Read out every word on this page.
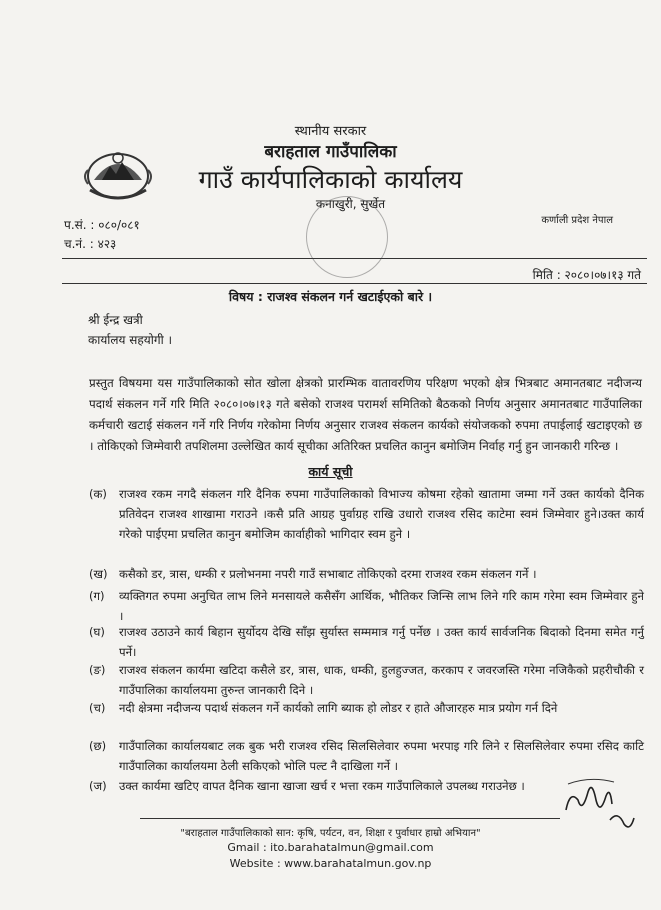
स्थानीय सरकार
बराहताल गाउँपालिका
गाउँ कार्यपालिकाको कार्यालय
कनाखुरी, सुर्खेत
कर्णाली प्रदेश नेपाल
प.सं. : ०८०/०८१
च.नं. : ४२३
मिति : २०८०।०७।१३ गते
विषय : राजश्व संकलन गर्न खटाईएको बारे ।
श्री ईन्द्र खत्री
कार्यालय सहयोगी ।
प्रस्तुत विषयमा यस गाउँपालिकाको सोत खोला क्षेत्रको प्रारम्भिक वातावरणिय परिक्षण भएको क्षेत्र भित्रबाट अमानतबाट नदीजन्य पदार्थ संकलन गर्ने गरि मिति २०८०।०७।१३ गते बसेको राजश्व परामर्श समितिको बैठकको निर्णय अनुसार अमानतबाट गाउँपालिका कर्मचारी खटाई संकलन गर्ने गरि निर्णय गरेकोमा निर्णय अनुसार राजश्व संकलन कार्यको संयोजकको रुपमा तपाईलाई खटाइएको छ । तोकिएको जिम्मेवारी तपशिलमा उल्लेखित कार्य सूचीका अतिरिक्त प्रचलित कानुन बमोजिम निर्वाह गर्नु हुन जानकारी गरिन्छ ।
कार्य सूची
(क)	राजश्व रकम नगदै संकलन गरि दैनिक रुपमा गाउँपालिकाको विभाज्य कोषमा रहेको खातामा जम्मा गर्ने उक्त कार्यको दैनिक प्रतिवेदन राजश्व शाखामा गराउने ।कसै प्रति आग्रह पुर्वाग्रह राखि उधारो राजश्व रसिद काटेमा स्वमं जिम्मेवार हुने।उक्त कार्य गरेको पाईएमा प्रचलित कानुन बमोजिम कार्वाहीको भागिदार स्वम हुने ।
(ख) कसैको डर, त्रास, धम्की र प्रलोभनमा नपरी गाउँ सभाबाट तोकिएको दरमा राजश्व रकम संकलन गर्ने ।
(ग)	व्यक्तिगत रुपमा अनुचित लाभ लिने मनसायले कसैसँग आर्थिक, भौतिकर जिन्सि लाभ लिने गरि काम गरेमा स्वम जिम्मेवार हुने ।
(घ)	राजश्व उठाउने कार्य बिहान सुर्योदय देखि साँझ सुर्यास्त सम्ममात्र गर्नु पर्नेछ । उक्त कार्य सार्वजनिक बिदाको दिनमा समेत गर्नु पर्ने।
(ङ)	राजश्व संकलन कार्यमा खटिदा कसैले डर, त्रास, धाक, धम्की, हुलहुज्जत, करकाप र जवरजस्ति गरेमा नजिकैको प्रहरीचौकी र गाउँपालिका कार्यालयमा तुरुन्त जानकारी दिने ।
(च)	नदी क्षेत्रमा नदीजन्य पदार्थ संकलन गर्ने कार्यको लागि ब्याक हो लोडर र हाते औजारहरु मात्र प्रयोग गर्न दिने
(छ)	गाउँपालिका कार्यालयबाट लक बुक भरी राजश्व रसिद सिलसिलेवार रुपमा भरपाइ गरि लिने र सिलसिलेवार रुपमा रसिद काटि गाउँपालिका कार्यालयमा ठेली सकिएको भोलि पल्ट नै दाखिला गर्ने ।
(ज)	उक्त कार्यमा खटिए वापत दैनिक खाना खाजा खर्च र भत्ता रकम गाउँपालिकाले उपलब्ध गराउनेछ ।
"बराहताल गाउँपालिकाको सान: कृषि, पर्यटन, वन, शिक्षा र पुर्वाधार हाम्रो अभियान"
Gmail : ito.barahatalmun@gmail.com
Website : www.barahatalmun.gov.np
